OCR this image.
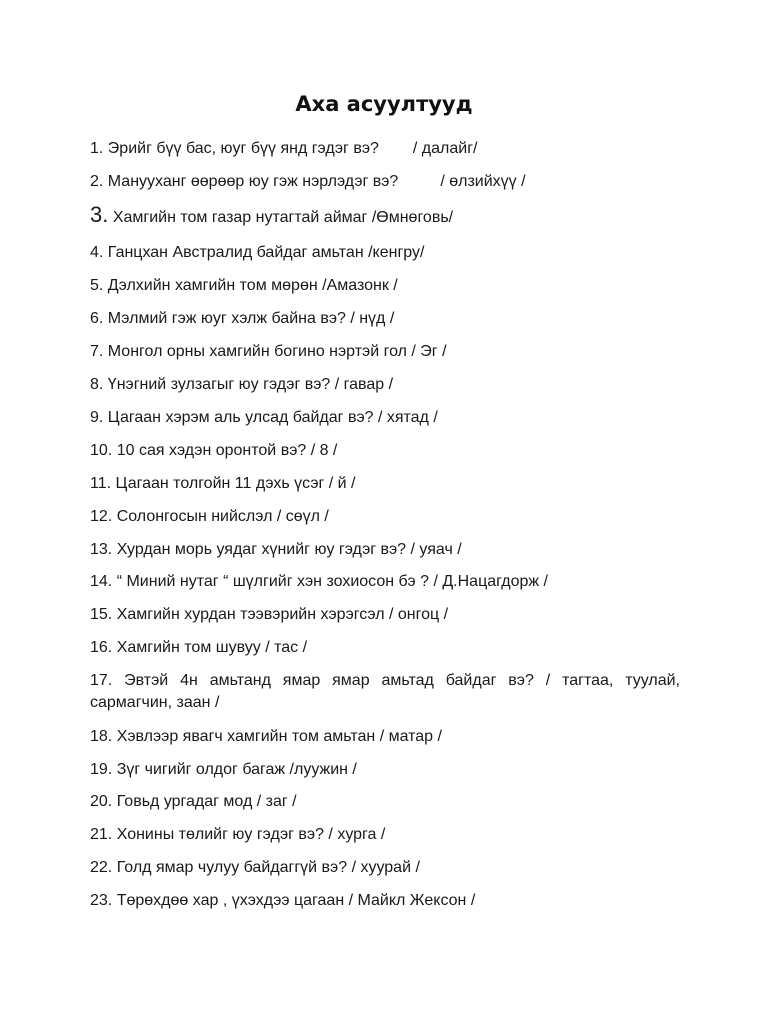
Аха асуултууд
1. Эрийг бүү бас, юуг бүү янд гэдэг вэ? / далайг/
2. Манууханг өөрөөр юу гэж нэрлэдэг вэ?	/ өлзийхүү /
3. Хамгийн том газар нутагтай аймаг /Өмнөговь/
4. Ганцхан Австралид байдаг амьтан /кенгру/
5. Дэлхийн хамгийн том мөрөн /Амазонк /
6. Мэлмий гэж юуг хэлж байна вэ? / нүд /
7. Монгол орны хамгийн богино нэртэй гол / Эг /
8. Үнэгний зулзагыг юу гэдэг вэ? / гавар /
9. Цагаан хэрэм аль улсад байдаг вэ? / хятад /
10. 10 сая хэдэн оронтой вэ? / 8 /
11. Цагаан толгойн 11 дэхь үсэг / й /
12. Солонгосын нийслэл / сөүл /
13. Хурдан морь уядаг хүнийг юу гэдэг вэ? / уяач /
14. “ Миний нутаг “ шүлгийг хэн зохиосон бэ ? / Д.Нацагдорж /
15. Хамгийн хурдан тээвэрийн хэрэгсэл / онгоц /
16. Хамгийн том шувуу / тас /
17. Эвтэй 4н амьтанд ямар ямар амьтад байдаг вэ? / тагтаа, туулай, сармагчин, заан /
18. Хэвлээр явагч хамгийн том амьтан / матар /
19. Зүг чигийг олдог багаж /луужин /
20. Говьд ургадаг мод / заг /
21. Хонины төлийг юу гэдэг вэ? / хурга /
22. Голд ямар чулуу байдаггүй вэ? / хуурай /
23. Төрөхдөө хар , үхэхдээ цагаан / Майкл Жексон /
